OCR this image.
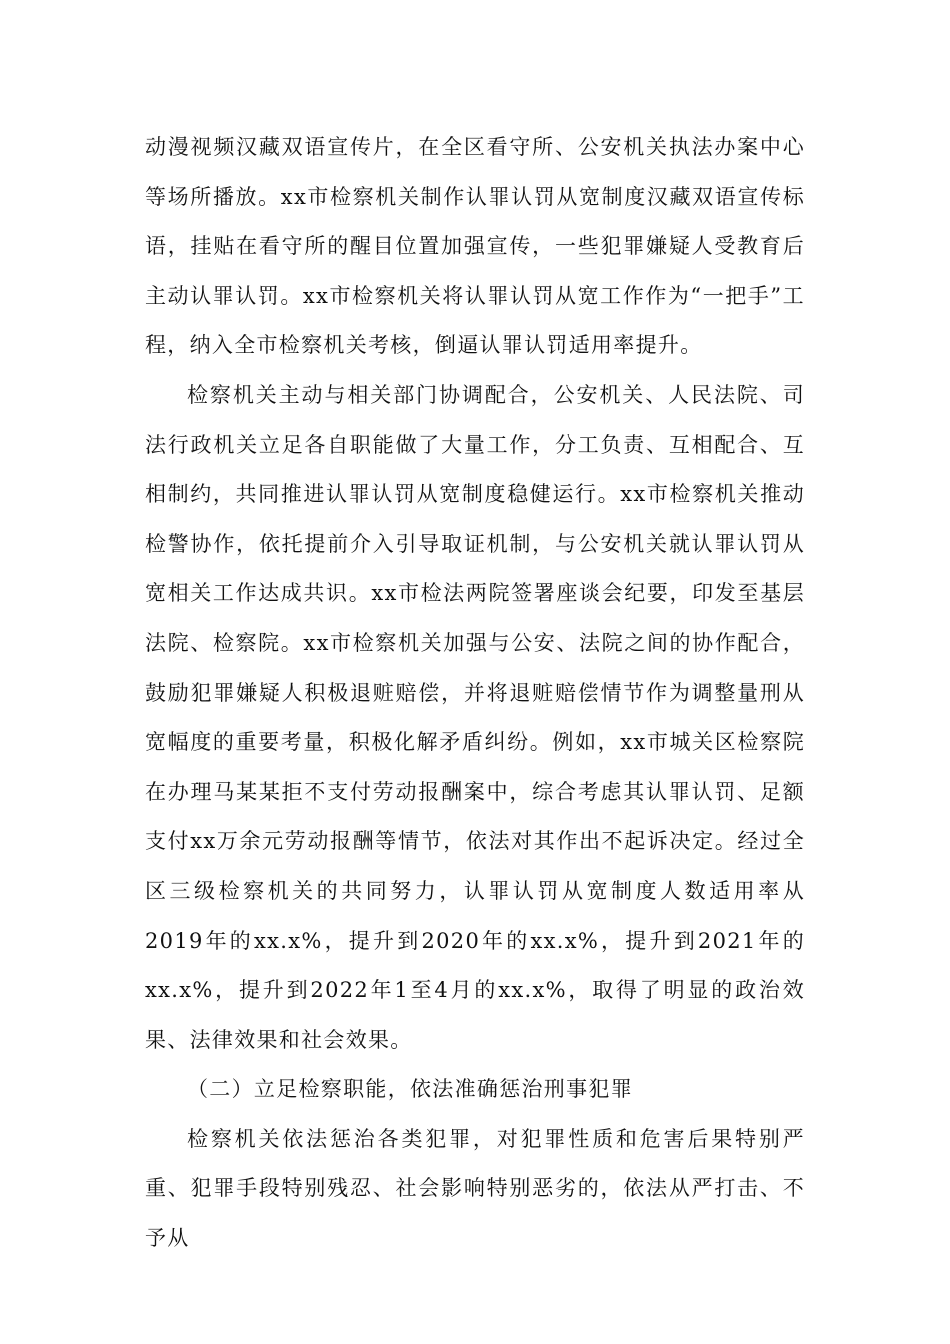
动漫视频汉藏双语宣传片，在全区看守所、公安机关执法办案中心等场所播放。xx市检察机关制作认罪认罚从宽制度汉藏双语宣传标语，挂贴在看守所的醒目位置加强宣传，一些犯罪嫌疑人受教育后主动认罪认罚。xx市检察机关将认罪认罚从宽工作作为“一把手”工程，纳入全市检察机关考核，倒逼认罪认罚适用率提升。

检察机关主动与相关部门协调配合，公安机关、人民法院、司法行政机关立足各自职能做了大量工作，分工负责、互相配合、互相制约，共同推进认罪认罚从宽制度稳健运行。xx市检察机关推动检警协作，依托提前介入引导取证机制，与公安机关就认罪认罚从宽相关工作达成共识。xx市检法两院签署座谈会纪要，印发至基层法院、检察院。xx市检察机关加强与公安、法院之间的协作配合，鼓励犯罪嫌疑人积极退赃赔偿，并将退赃赔偿情节作为调整量刑从宽幅度的重要考量，积极化解矛盾纠纷。例如，xx市城关区检察院在办理马某某拒不支付劳动报酬案中，综合考虑其认罪认罚、足额支付xx万余元劳动报酬等情节，依法对其作出不起诉决定。经过全区三级检察机关的共同努力，认罪认罚从宽制度人数适用率从2019年的xx.x%，提升到2020年的xx.x%，提升到2021年的xx.x%，提升到2022年1至4月的xx.x%，取得了明显的政治效果、法律效果和社会效果。

（二）立足检察职能，依法准确惩治刑事犯罪

检察机关依法惩治各类犯罪，对犯罪性质和危害后果特别严重、犯罪手段特别残忍、社会影响特别恶劣的，依法从严打击、不予从
